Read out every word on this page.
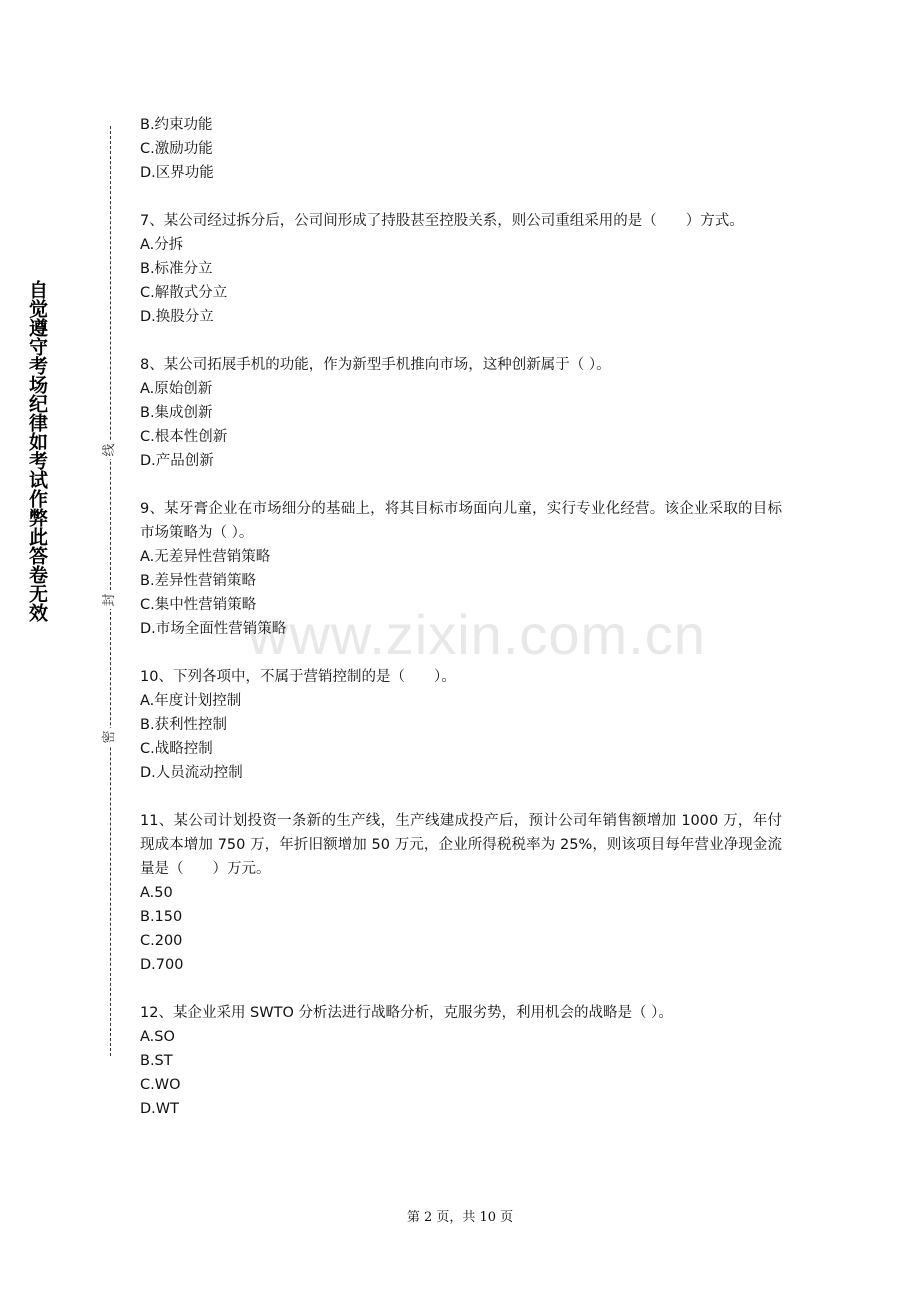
自觉遵守考场纪律如考试作弊此答卷无效	线
封
密
www.zixin.com.cn
B.约束功能
C.激励功能
D.区界功能
7、某公司经过拆分后，公司间形成了持股甚至控股关系，则公司重组采用的是（　　）方式。
A.分拆
B.标准分立
C.解散式分立
D.换股分立
8、某公司拓展手机的功能，作为新型手机推向市场，这种创新属于（ ）。
A.原始创新
B.集成创新
C.根本性创新
D.产品创新
9、某牙膏企业在市场细分的基础上，将其目标市场面向儿童，实行专业化经营。该企业采取的目标市场策略为（ ）。
A.无差异性营销策略
B.差异性营销策略
C.集中性营销策略
D.市场全面性营销策略
10、下列各项中，不属于营销控制的是（　　）。
A.年度计划控制
B.获利性控制
C.战略控制
D.人员流动控制
11、某公司计划投资一条新的生产线，生产线建成投产后，预计公司年销售额增加 1000 万，年付现成本增加 750 万，年折旧额增加 50 万元，企业所得税税率为 25%，则该项目每年营业净现金流量是（　　）万元。
A.50
B.150
C.200
D.700
12、某企业采用 SWTO 分析法进行战略分析，克服劣势，利用机会的战略是（ ）。
A.SO
B.ST
C.WO
D.WT
第 2 页，共 10 页
